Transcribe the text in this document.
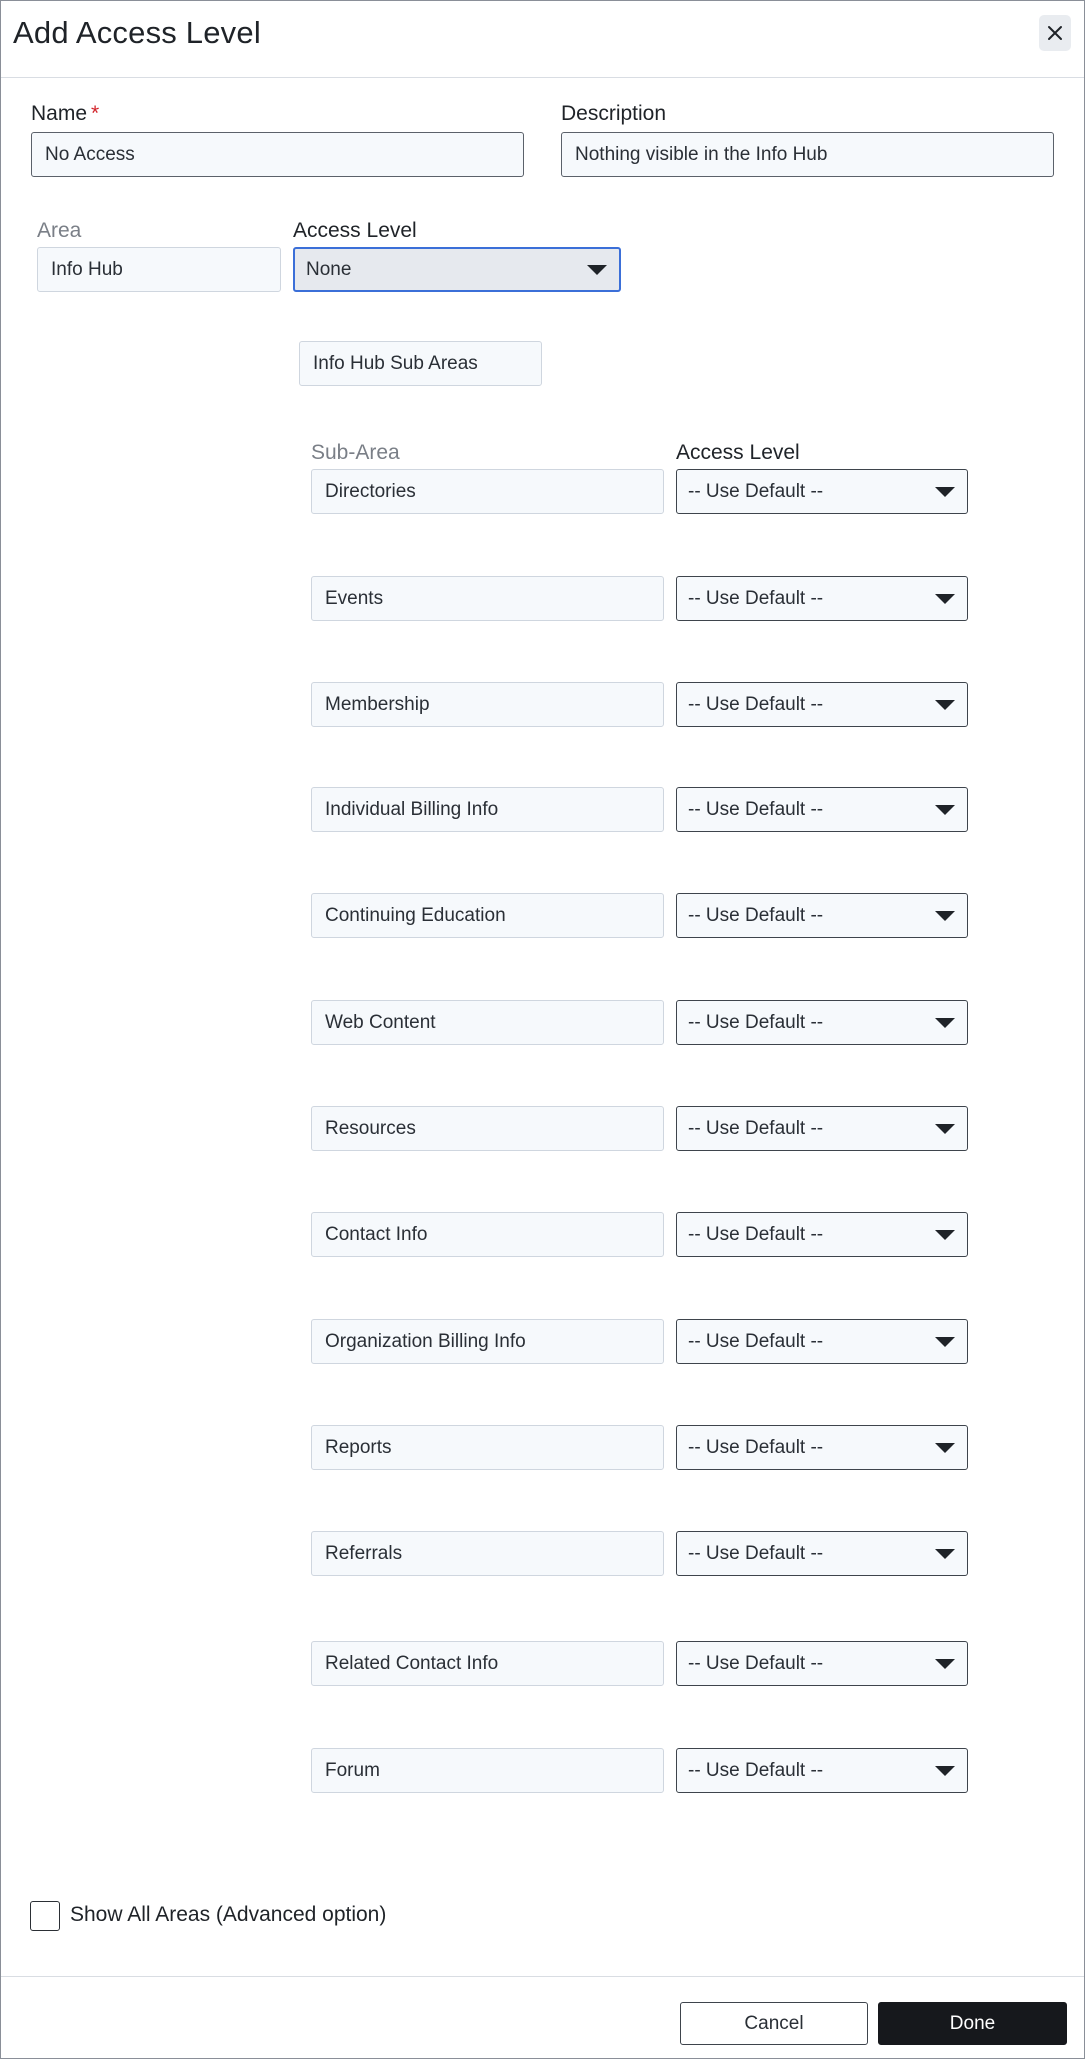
Add Access Level
Name *
No Access
Description
Nothing visible in the Info Hub
Area
Info Hub
Access Level
None
Info Hub Sub Areas
Sub-Area	Access Level
Directories	-- Use Default --
Events	-- Use Default --
Membership	-- Use Default --
Individual Billing Info	-- Use Default --
Continuing Education	-- Use Default --
Web Content	-- Use Default --
Resources	-- Use Default --
Contact Info	-- Use Default --
Organization Billing Info	-- Use Default --
Reports	-- Use Default --
Referrals	-- Use Default --
Related Contact Info	-- Use Default --
Forum	-- Use Default --
Show All Areas (Advanced option)
Cancel	Done
